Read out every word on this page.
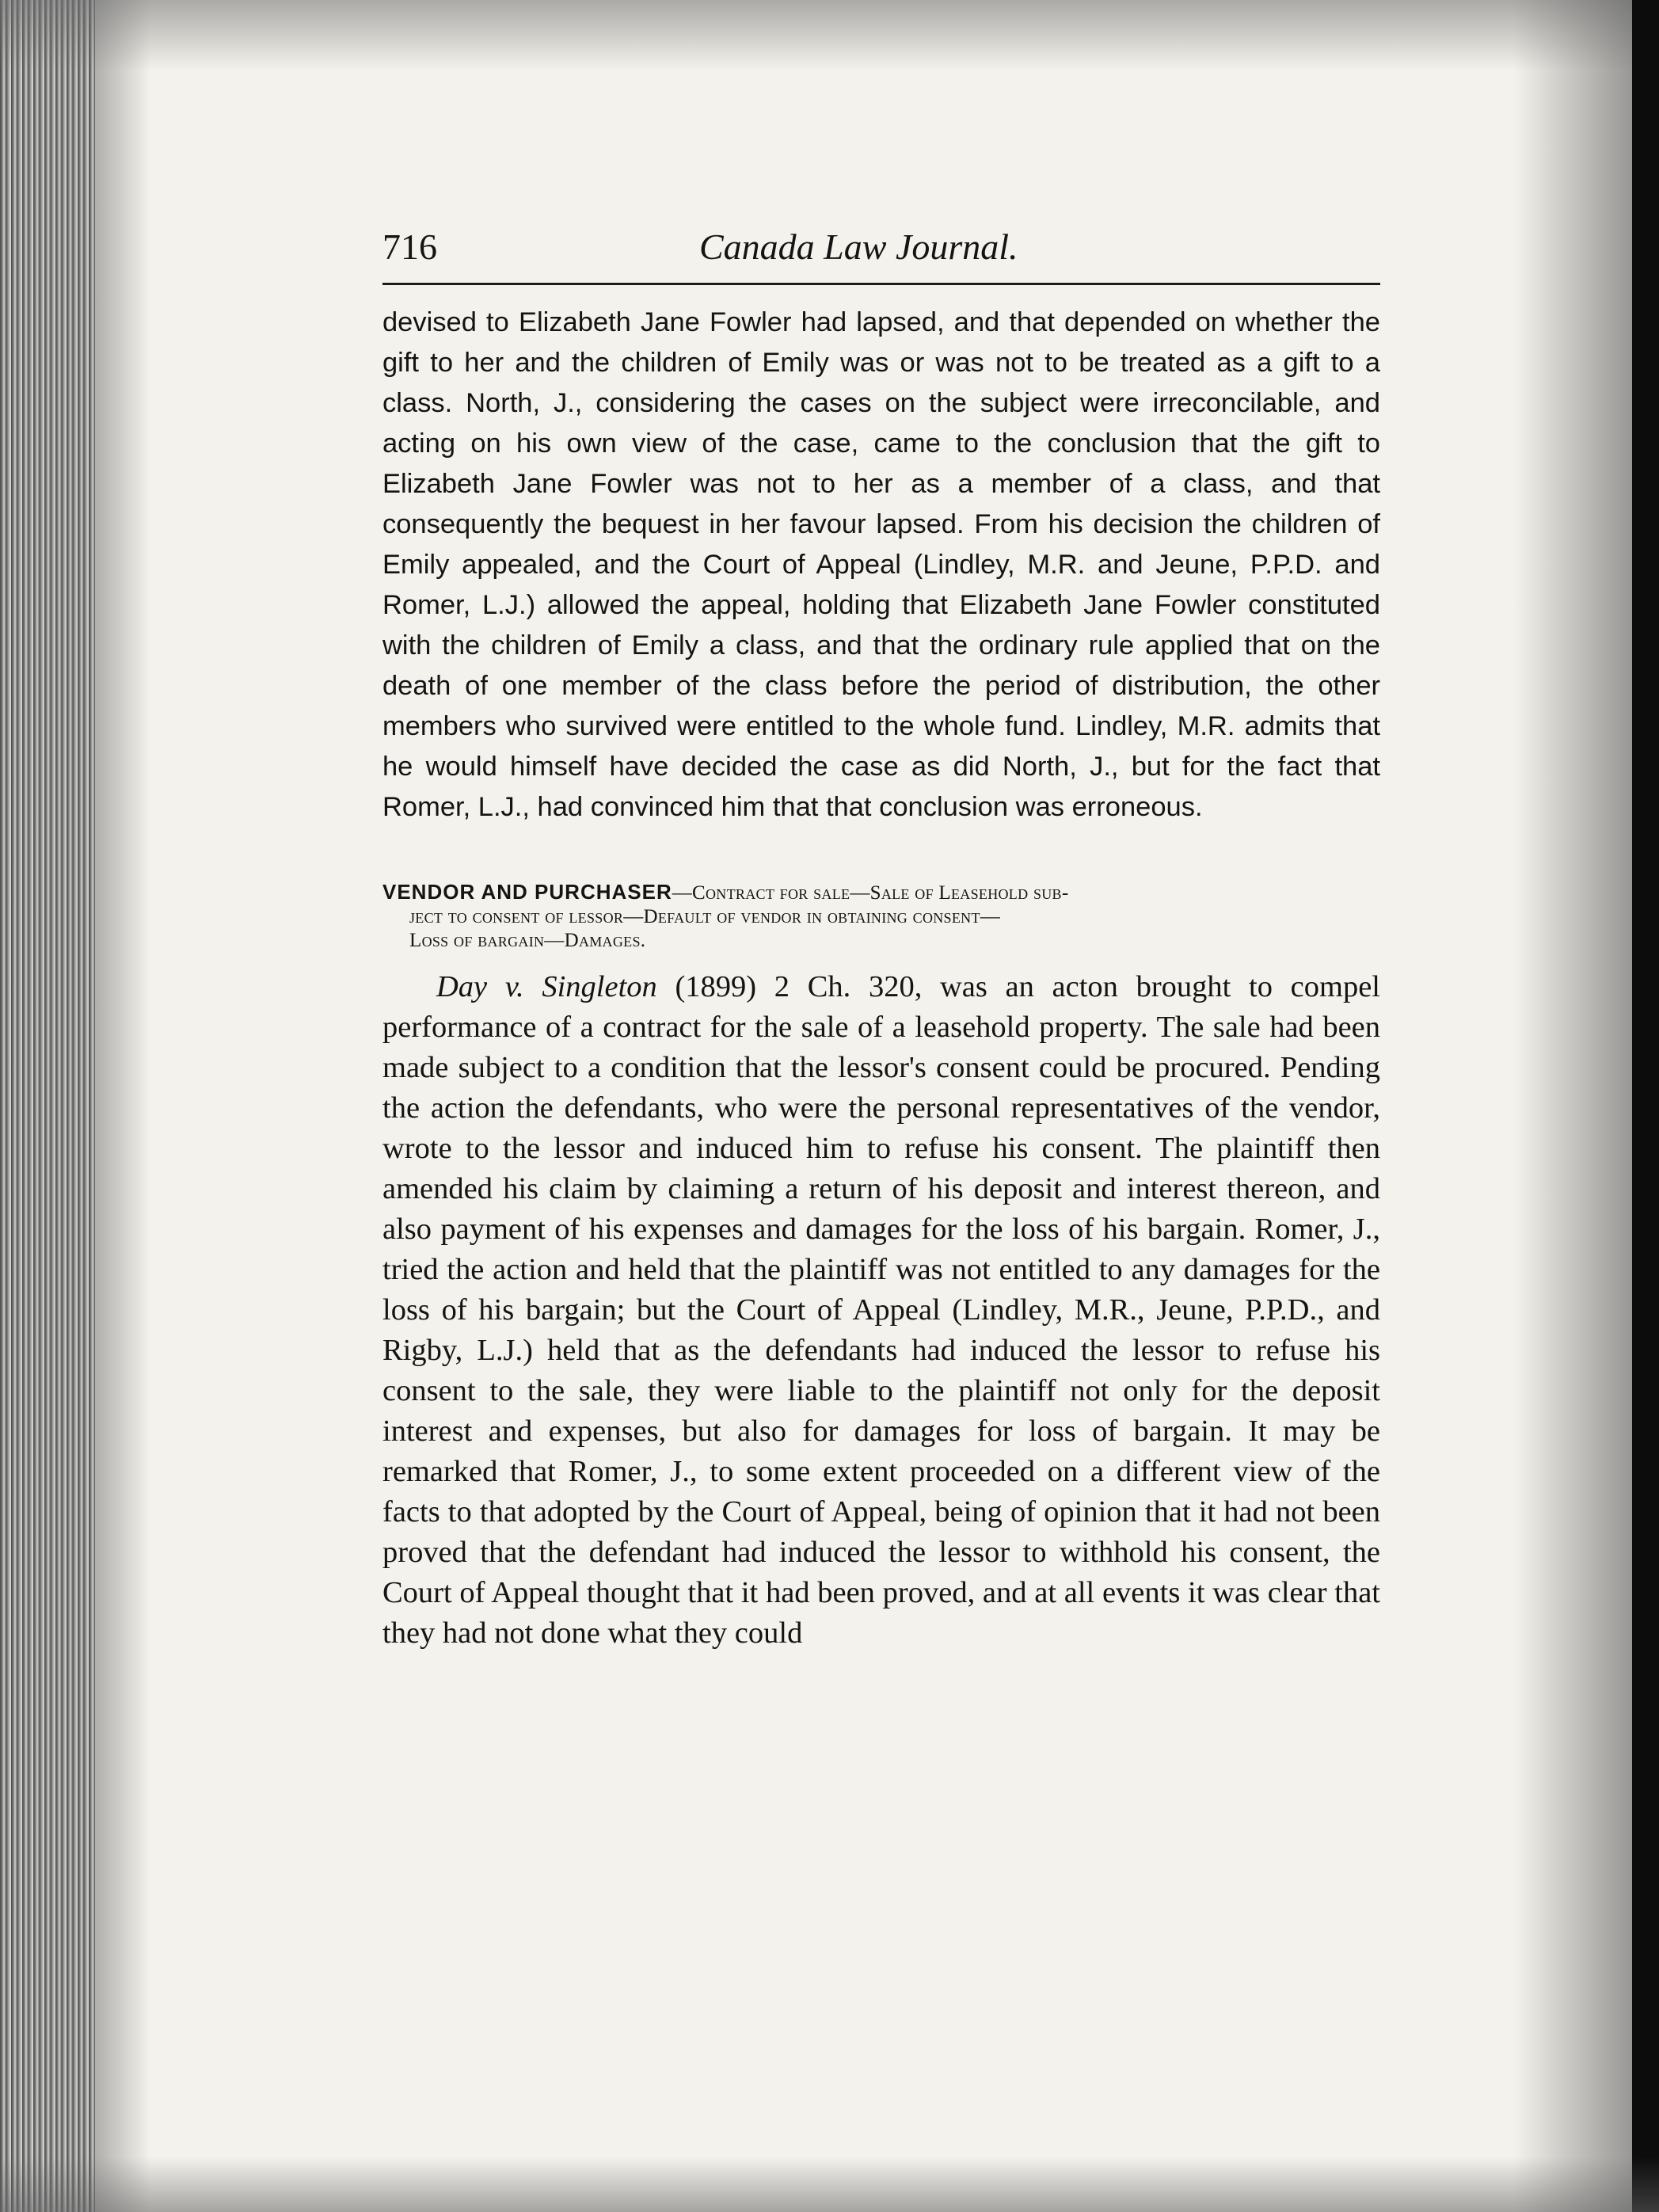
716	Canada Law Journal.

devised to Elizabeth Jane Fowler had lapsed, and that depended on whether the gift to her and the children of Emily was or was not to be treated as a gift to a class. North, J., considering the cases on the subject were irreconcilable, and acting on his own view of the case, came to the conclusion that the gift to Elizabeth Jane Fowler was not to her as a member of a class, and that consequently the bequest in her favour lapsed. From his decision the children of Emily appealed, and the Court of Appeal (Lindley, M.R. and Jeune, P.P.D. and Romer, L.J.) allowed the appeal, holding that Elizabeth Jane Fowler constituted with the children of Emily a class, and that the ordinary rule applied that on the death of one member of the class before the period of distribution, the other members who survived were entitled to the whole fund. Lindley, M.R. admits that he would himself have decided the case as did North, J., but for the fact that Romer, L.J., had convinced him that that conclusion was erroneous.

VENDOR AND PURCHASER—Contract for sale—Sale of Leasehold sub-
ject to consent of lessor—Default of vendor in obtaining consent—
Loss of bargain—Damages.

Day v. Singleton (1899) 2 Ch. 320, was an acton brought to compel performance of a contract for the sale of a leasehold property. The sale had been made subject to a condition that the lessor's consent could be procured. Pending the action the defendants, who were the personal representatives of the vendor, wrote to the lessor and induced him to refuse his consent. The plaintiff then amended his claim by claiming a return of his deposit and interest thereon, and also payment of his expenses and damages for the loss of his bargain. Romer, J., tried the action and held that the plaintiff was not entitled to any damages for the loss of his bargain; but the Court of Appeal (Lindley, M.R., Jeune, P.P.D., and Rigby, L.J.) held that as the defendants had induced the lessor to refuse his consent to the sale, they were liable to the plaintiff not only for the deposit interest and expenses, but also for damages for loss of bargain. It may be remarked that Romer, J., to some extent proceeded on a different view of the facts to that adopted by the Court of Appeal, being of opinion that it had not been proved that the defendant had induced the lessor to withhold his consent, the Court of Appeal thought that it had been proved, and at all events it was clear that they had not done what they could
